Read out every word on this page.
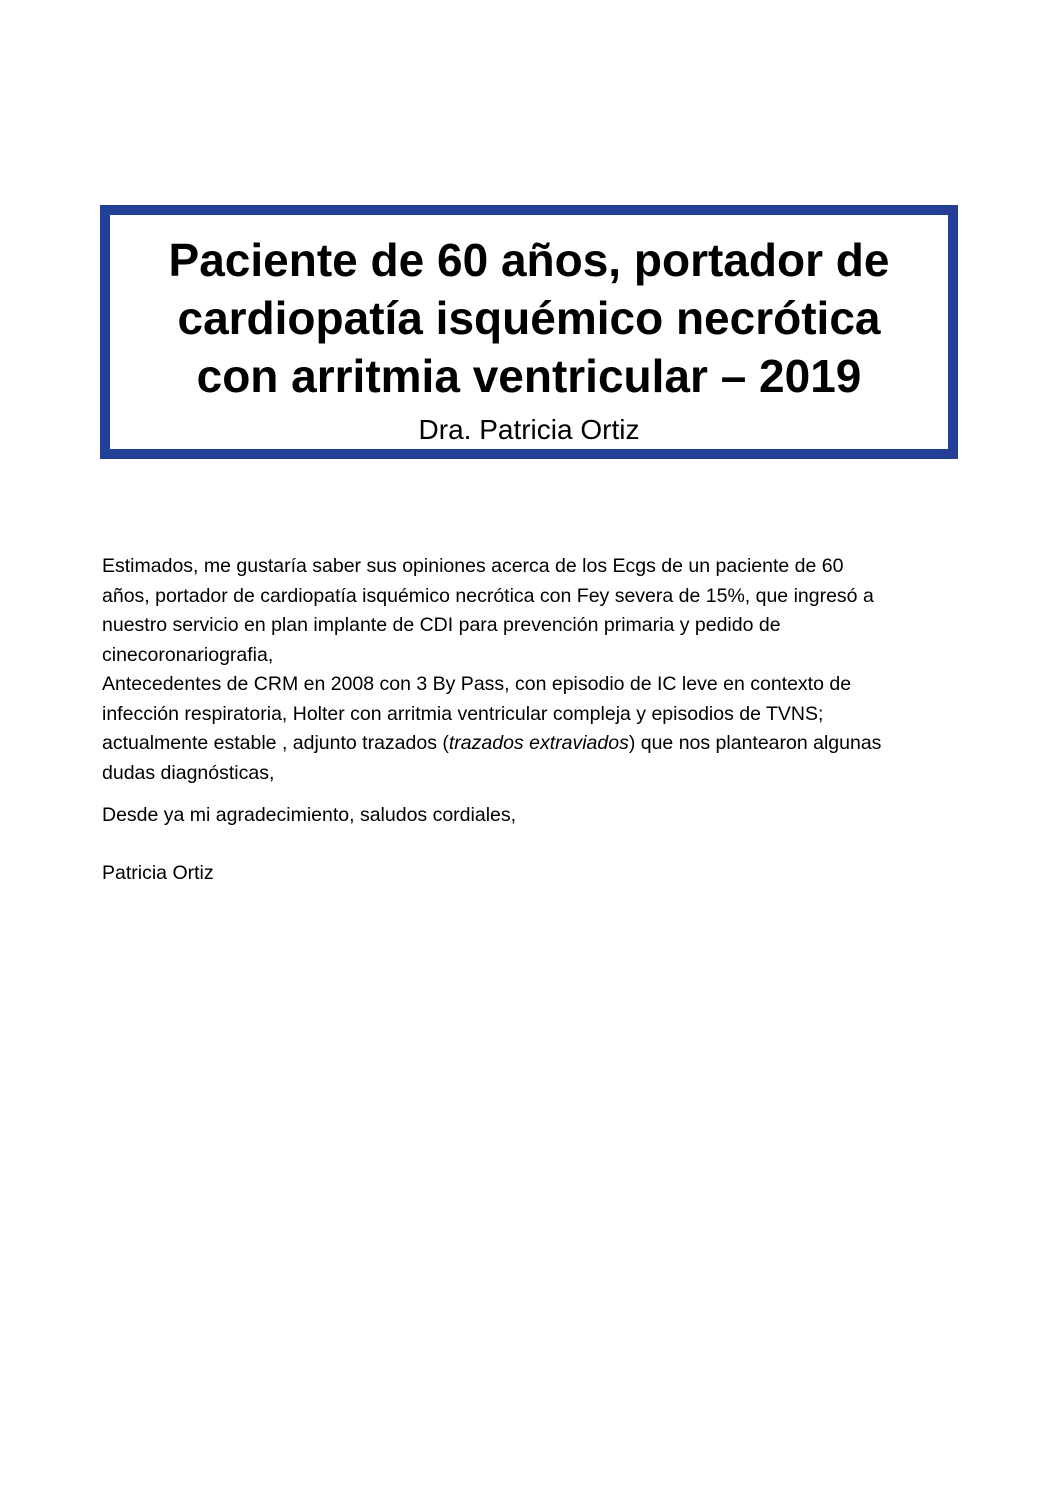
Paciente de 60 años, portador de
cardiopatía isquémico necrótica
con arritmia ventricular – 2019
Dra. Patricia Ortiz
Estimados, me gustaría saber sus opiniones acerca de los Ecgs de un paciente de 60
años, portador de cardiopatía isquémico necrótica con Fey severa de 15%, que ingresó a
nuestro servicio en plan implante de CDI para prevención primaria y pedido de
cinecoronariografia,
Antecedentes de CRM en 2008 con 3 By Pass, con episodio de IC leve en contexto de
infección respiratoria, Holter con arritmia ventricular compleja y episodios de TVNS;
actualmente estable , adjunto trazados (trazados extraviados) que nos plantearon algunas
dudas diagnósticas,
Desde ya mi agradecimiento, saludos cordiales,
Patricia Ortiz
